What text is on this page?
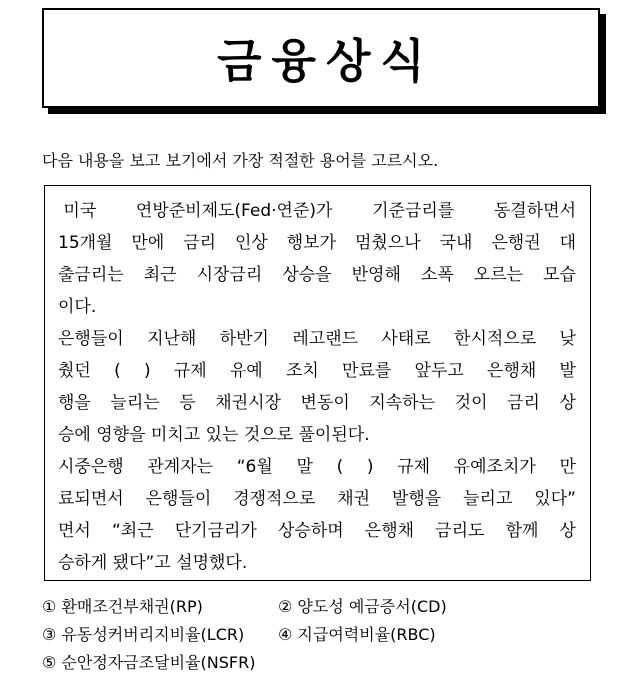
금융상식
다음 내용을 보고 보기에서 가장 적절한 용어를 고르시오.
미국 연방준비제도(Fed·연준)가 기준금리를 동결하면서
15개월 만에 금리 인상 행보가 멈췄으나 국내 은행권 대
출금리는 최근 시장금리 상승을 반영해 소폭 오르는 모습
이다.
은행들이 지난해 하반기 레고랜드 사태로 한시적으로 낮
췄던 ( ) 규제 유예 조치 만료를 앞두고 은행채 발
행을 늘리는 등 채권시장 변동이 지속하는 것이 금리 상
승에 영향을 미치고 있는 것으로 풀이된다.
시중은행 관계자는 “6월 말 ( ) 규제 유예조치가 만
료되면서 은행들이 경쟁적으로 채권 발행을 늘리고 있다”
면서 “최근 단기금리가 상승하며 은행채 금리도 함께 상
승하게 됐다”고 설명했다.
① 환매조건부채권(RP)	② 양도성 예금증서(CD)
③ 유동성커버리지비율(LCR) ④ 지급여력비율(RBC)
⑤ 순안정자금조달비율(NSFR)
